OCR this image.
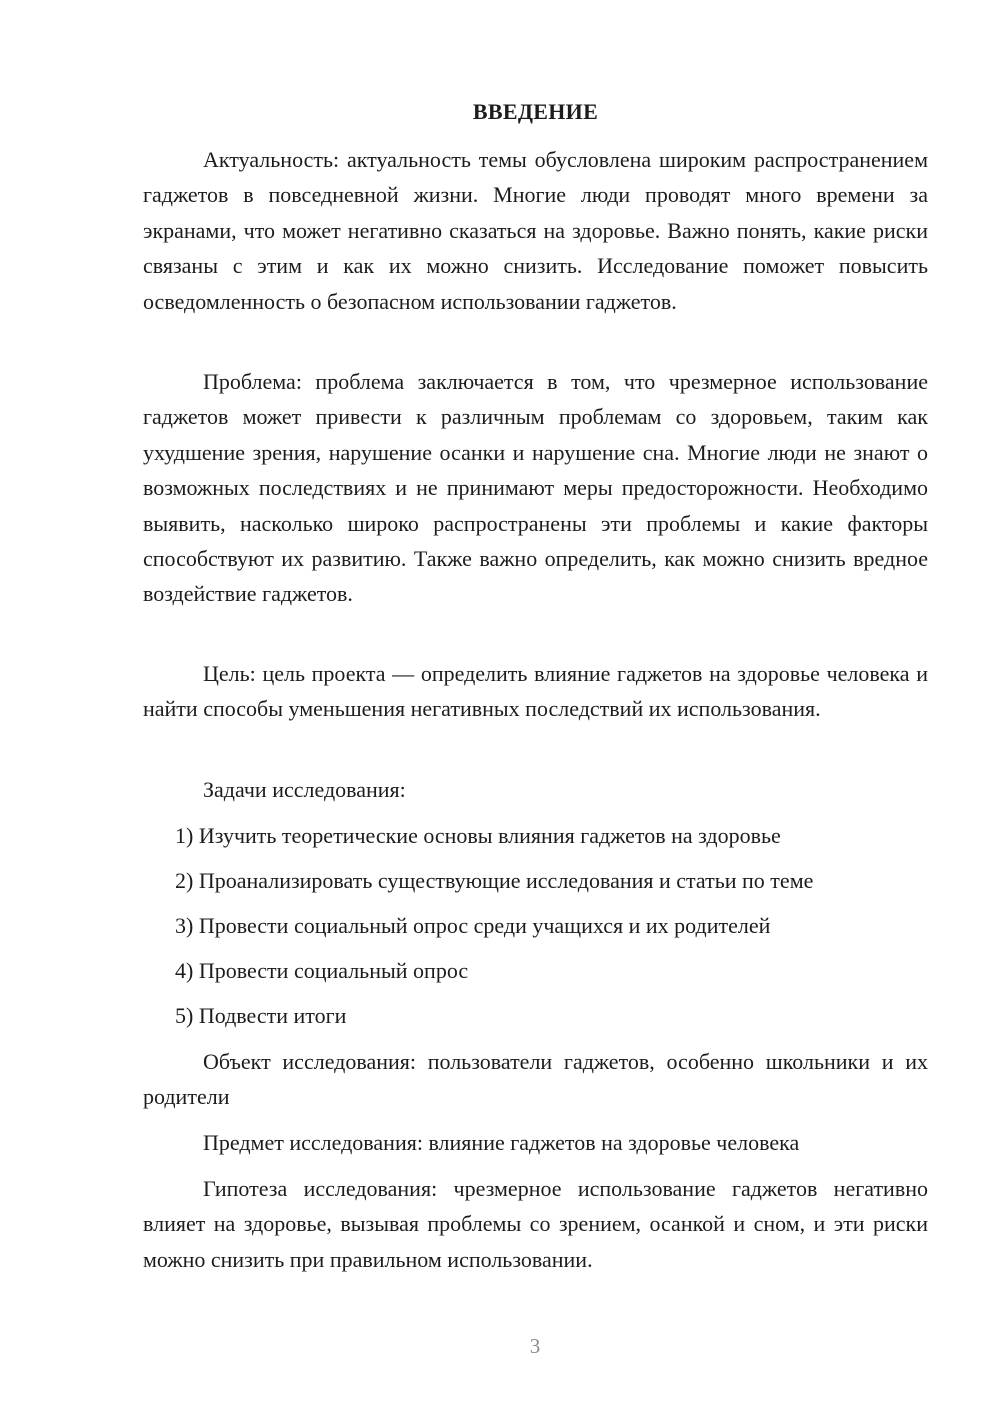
ВВЕДЕНИЕ

Актуальность: актуальность темы обусловлена широким распространением гаджетов в повседневной жизни. Многие люди проводят много времени за экранами, что может негативно сказаться на здоровье. Важно понять, какие риски связаны с этим и как их можно снизить. Исследование поможет повысить осведомленность о безопасном использовании гаджетов.

Проблема: проблема заключается в том, что чрезмерное использование гаджетов может привести к различным проблемам со здоровьем, таким как ухудшение зрения, нарушение осанки и нарушение сна. Многие люди не знают о возможных последствиях и не принимают меры предосторожности. Необходимо выявить, насколько широко распространены эти проблемы и какие факторы способствуют их развитию. Также важно определить, как можно снизить вредное воздействие гаджетов.

Цель: цель проекта — определить влияние гаджетов на здоровье человека и найти способы уменьшения негативных последствий их использования.

Задачи исследования:

1) Изучить теоретические основы влияния гаджетов на здоровье

2) Проанализировать существующие исследования и статьи по теме

3) Провести социальный опрос среди учащихся и их родителей

4) Провести социальный опрос

5) Подвести итоги

Объект исследования: пользователи гаджетов, особенно школьники и их родители

Предмет исследования: влияние гаджетов на здоровье человека

Гипотеза исследования: чрезмерное использование гаджетов негативно влияет на здоровье, вызывая проблемы со зрением, осанкой и сном, и эти риски можно снизить при правильном использовании.

3
